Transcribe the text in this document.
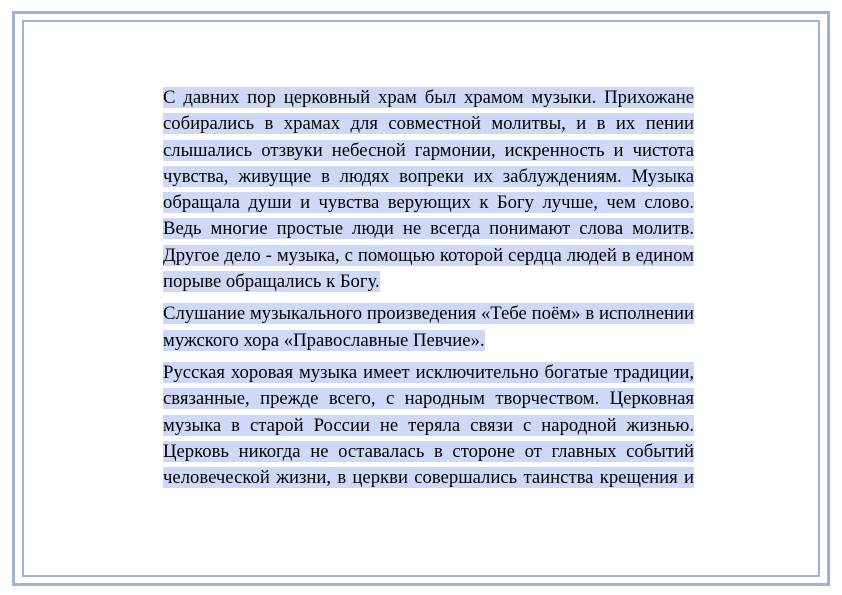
С давних пор церковный храм был храмом музыки. Прихожане собирались в храмах для совместной молитвы, и в их пении слышались отзвуки небесной гармонии, искренность и чистота чувства, живущие в людях вопреки их заблуждениям. Музыка обращала души и чувства верующих к Богу лучше, чем слово. Ведь многие простые люди не всегда понимают слова молитв. Другое дело - музыка, с помощью которой сердца людей в едином порыве обращались к Богу.

Слушание музыкального произведения «Тебе поём» в исполнении мужского хора «Православные Певчие».

Русская хоровая музыка имеет исключительно богатые традиции, связанные, прежде всего, с народным творчеством. Церковная музыка в старой России не теряла связи с народной жизнью. Церковь никогда не оставалась в стороне от главных событий человеческой жизни, в церкви совершались таинства крещения и
